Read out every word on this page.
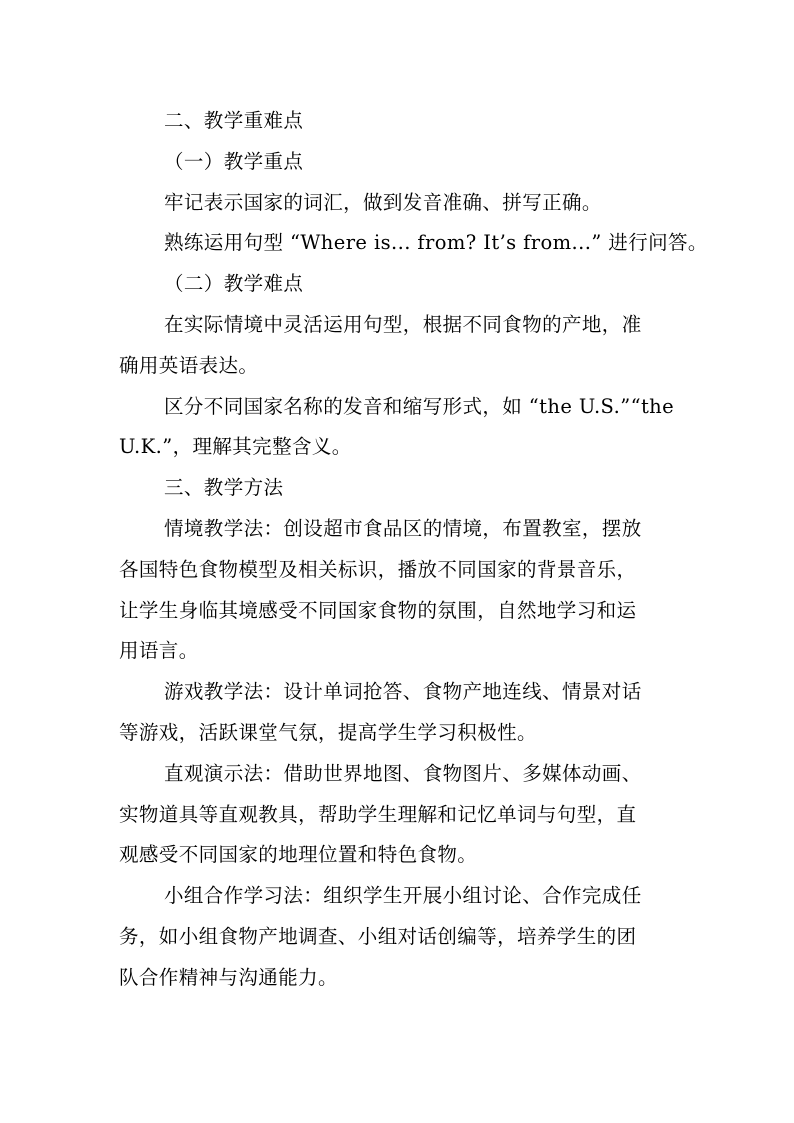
二、教学重难点

（一）教学重点

牢记表示国家的词汇，做到发音准确、拼写正确。

熟练运用句型 “Where is... from? It’s from...” 进行问答。

（二）教学难点

在实际情境中灵活运用句型，根据不同食物的产地，准

确用英语表达。

区分不同国家名称的发音和缩写形式，如 “the U.S.”“the

U.K.”，理解其完整含义。

三、教学方法

情境教学法：创设超市食品区的情境，布置教室，摆放

各国特色食物模型及相关标识，播放不同国家的背景音乐，

让学生身临其境感受不同国家食物的氛围，自然地学习和运

用语言。

游戏教学法：设计单词抢答、食物产地连线、情景对话

等游戏，活跃课堂气氛，提高学生学习积极性。

直观演示法：借助世界地图、食物图片、多媒体动画、

实物道具等直观教具，帮助学生理解和记忆单词与句型，直

观感受不同国家的地理位置和特色食物。

小组合作学习法：组织学生开展小组讨论、合作完成任

务，如小组食物产地调查、小组对话创编等，培养学生的团

队合作精神与沟通能力。
